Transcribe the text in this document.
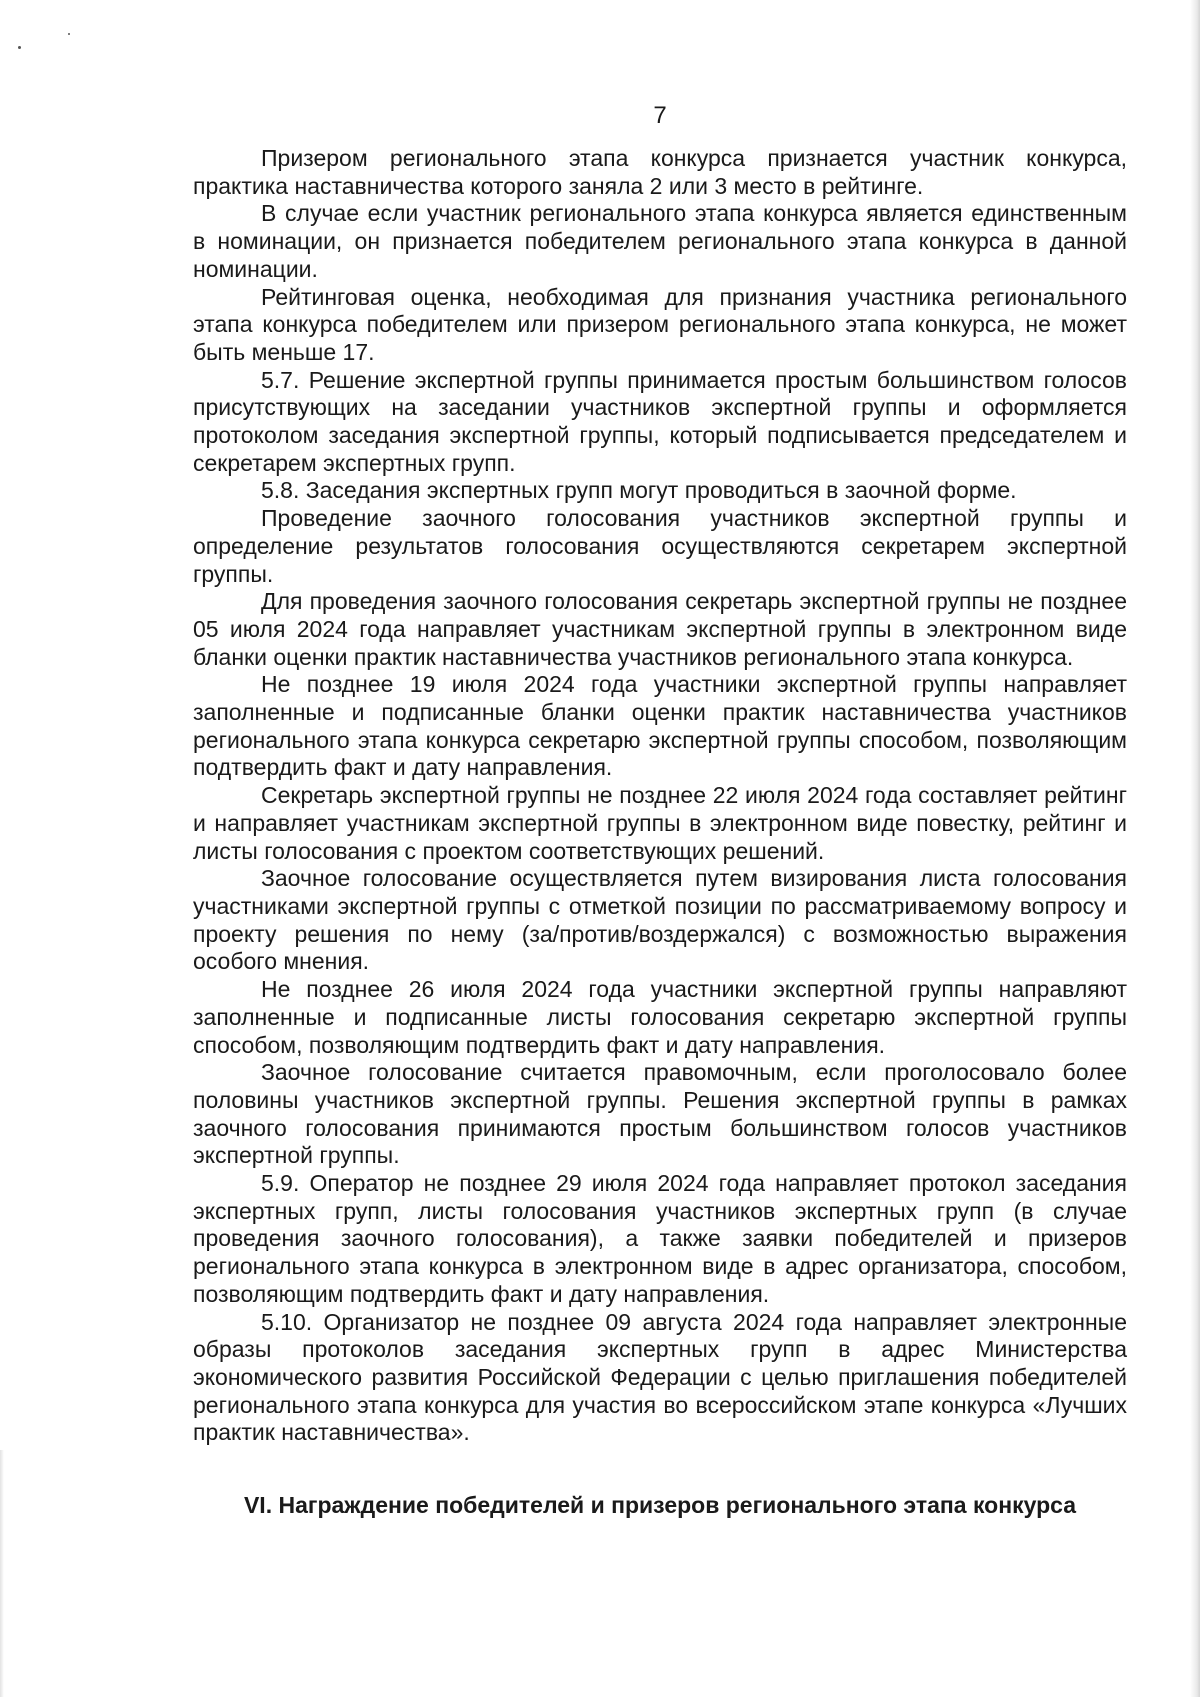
7

Призером регионального этапа конкурса признается участник конкурса, практика наставничества которого заняла 2 или 3 место в рейтинге.

В случае если участник регионального этапа конкурса является единственным в номинации, он признается победителем регионального этапа конкурса в данной номинации.

Рейтинговая оценка, необходимая для признания участника регионального этапа конкурса победителем или призером регионального этапа конкурса, не может быть меньше 17.

5.7. Решение экспертной группы принимается простым большинством голосов присутствующих на заседании участников экспертной группы и оформляется протоколом заседания экспертной группы, который подписывается председателем и секретарем экспертных групп.

5.8. Заседания экспертных групп могут проводиться в заочной форме.

Проведение заочного голосования участников экспертной группы и определение результатов голосования осуществляются секретарем экспертной группы.

Для проведения заочного голосования секретарь экспертной группы не позднее 05 июля 2024 года направляет участникам экспертной группы в электронном виде бланки оценки практик наставничества участников регионального этапа конкурса.

Не позднее 19 июля 2024 года участники экспертной группы направляет заполненные и подписанные бланки оценки практик наставничества участников регионального этапа конкурса секретарю экспертной группы способом, позволяющим подтвердить факт и дату направления.

Секретарь экспертной группы не позднее 22 июля 2024 года составляет рейтинг и направляет участникам экспертной группы в электронном виде повестку, рейтинг и листы голосования с проектом соответствующих решений.

Заочное голосование осуществляется путем визирования листа голосования участниками экспертной группы с отметкой позиции по рассматриваемому вопросу и проекту решения по нему (за/против/воздержался) с возможностью выражения особого мнения.

Не позднее 26 июля 2024 года участники экспертной группы направляют заполненные и подписанные листы голосования секретарю экспертной группы способом, позволяющим подтвердить факт и дату направления.

Заочное голосование считается правомочным, если проголосовало более половины участников экспертной группы. Решения экспертной группы в рамках заочного голосования принимаются простым большинством голосов участников экспертной группы.

5.9. Оператор не позднее 29 июля 2024 года направляет протокол заседания экспертных групп, листы голосования участников экспертных групп (в случае проведения заочного голосования), а также заявки победителей и призеров регионального этапа конкурса в электронном виде в адрес организатора, способом, позволяющим подтвердить факт и дату направления.

5.10. Организатор не позднее 09 августа 2024 года направляет электронные образы протоколов заседания экспертных групп в адрес Министерства экономического развития Российской Федерации с целью приглашения победителей регионального этапа конкурса для участия во всероссийском этапе конкурса «Лучших практик наставничества».

VI. Награждение победителей и призеров регионального этапа конкурса
